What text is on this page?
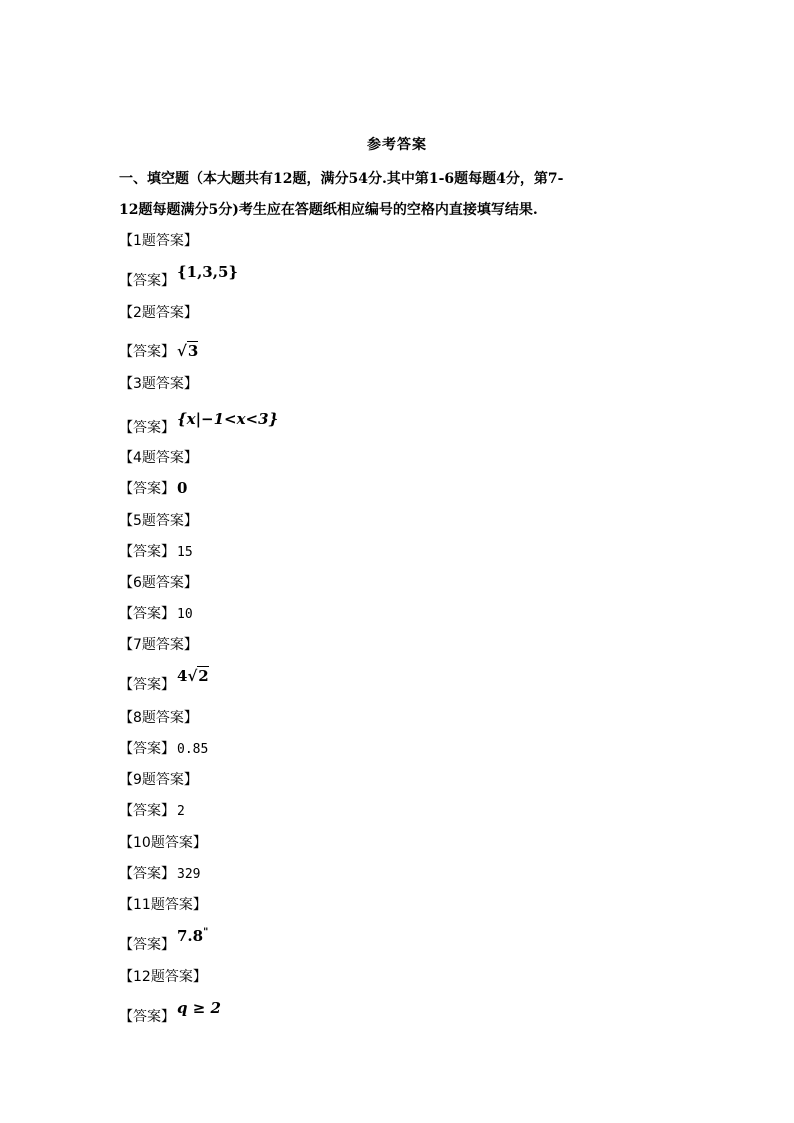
参考答案
一、填空题（本大题共有12题，满分54分.其中第1-6题每题4分，第7-
12题每题满分5分)考生应在答题纸相应编号的空格内直接填写结果.
【1题答案】
【答案】 {1,3,5}
【2题答案】
【答案】 √3
【3题答案】
【答案】 {x|−1<x<3}
【4题答案】
【答案】 0
【5题答案】
【答案】 15
【6题答案】
【答案】 10
【7题答案】
【答案】 4√2
【8题答案】
【答案】 0.85
【9题答案】
【答案】 2
【10题答案】
【答案】 329
【11题答案】
【答案】 7.8"
【12题答案】
【答案】 q ≥ 2
